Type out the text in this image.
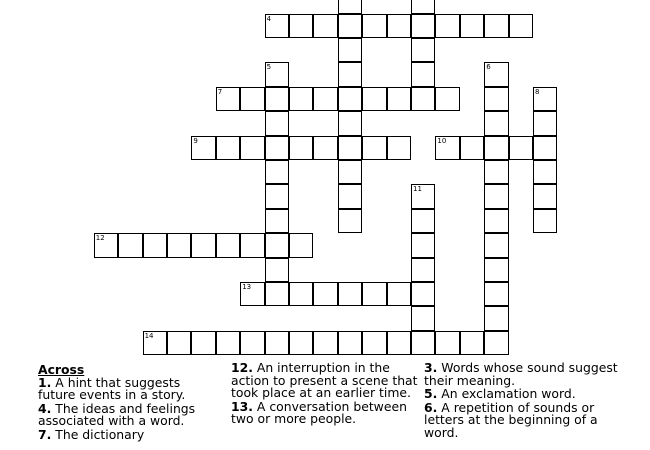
4
5	6
7	8
9	10
11
12
13
14
Across
1. A hint that suggests future events in a story.
4. The ideas and feelings associated with a word.
7. The dictionary
12. An interruption in the action to present a scene that took place at an earlier time.
13. A conversation between two or more people.
3. Words whose sound suggest their meaning.
5. An exclamation word.
6. A repetition of sounds or letters at the beginning of a word.
